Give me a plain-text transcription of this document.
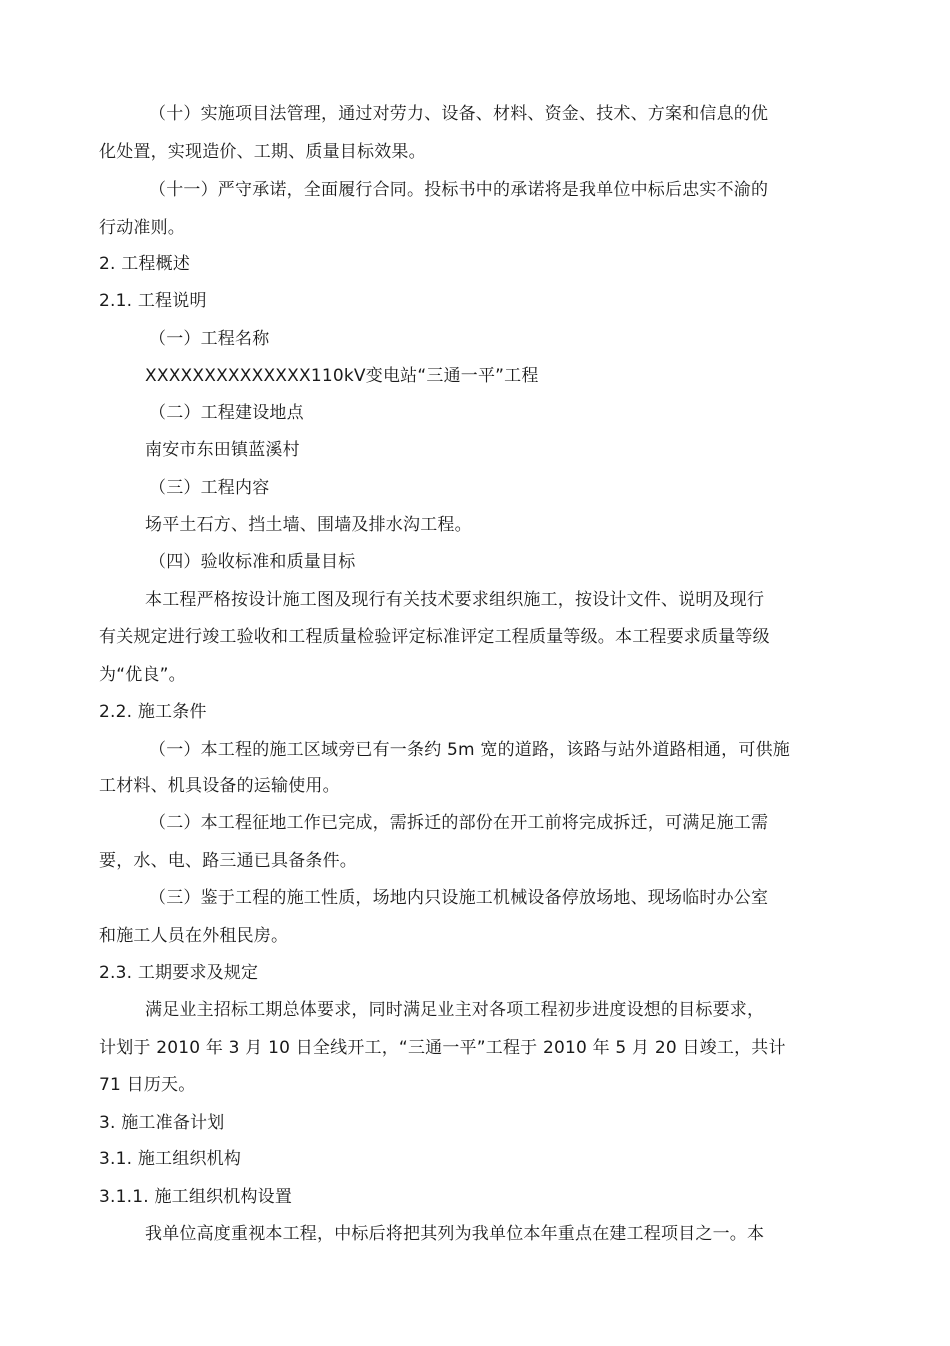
（十）实施项目法管理，通过对劳力、设备、材料、资金、技术、方案和信息的优
化处置，实现造价、工期、质量目标效果。
（十一）严守承诺，全面履行合同。投标书中的承诺将是我单位中标后忠实不渝的
行动准则。
2. 工程概述
2.1. 工程说明
（一）工程名称
XXXXXXXXXXXXXX110kV变电站“三通一平”工程
（二）工程建设地点
南安市东田镇蓝溪村
（三）工程内容
场平土石方、挡土墙、围墙及排水沟工程。
（四）验收标准和质量目标
本工程严格按设计施工图及现行有关技术要求组织施工，按设计文件、说明及现行
有关规定进行竣工验收和工程质量检验评定标准评定工程质量等级。本工程要求质量等级
为“优良”。
2.2. 施工条件
（一）本工程的施工区域旁已有一条约 5m 宽的道路，该路与站外道路相通，可供施
工材料、机具设备的运输使用。
（二）本工程征地工作已完成，需拆迁的部份在开工前将完成拆迁，可满足施工需
要，水、电、路三通已具备条件。
（三）鉴于工程的施工性质，场地内只设施工机械设备停放场地、现场临时办公室
和施工人员在外租民房。
2.3. 工期要求及规定
满足业主招标工期总体要求，同时满足业主对各项工程初步进度设想的目标要求，
计划于 2010 年 3 月 10 日全线开工，“三通一平”工程于 2010 年 5 月 20 日竣工，共计
71 日历天。
3. 施工准备计划
3.1. 施工组织机构
3.1.1. 施工组织机构设置
我单位高度重视本工程，中标后将把其列为我单位本年重点在建工程项目之一。本
